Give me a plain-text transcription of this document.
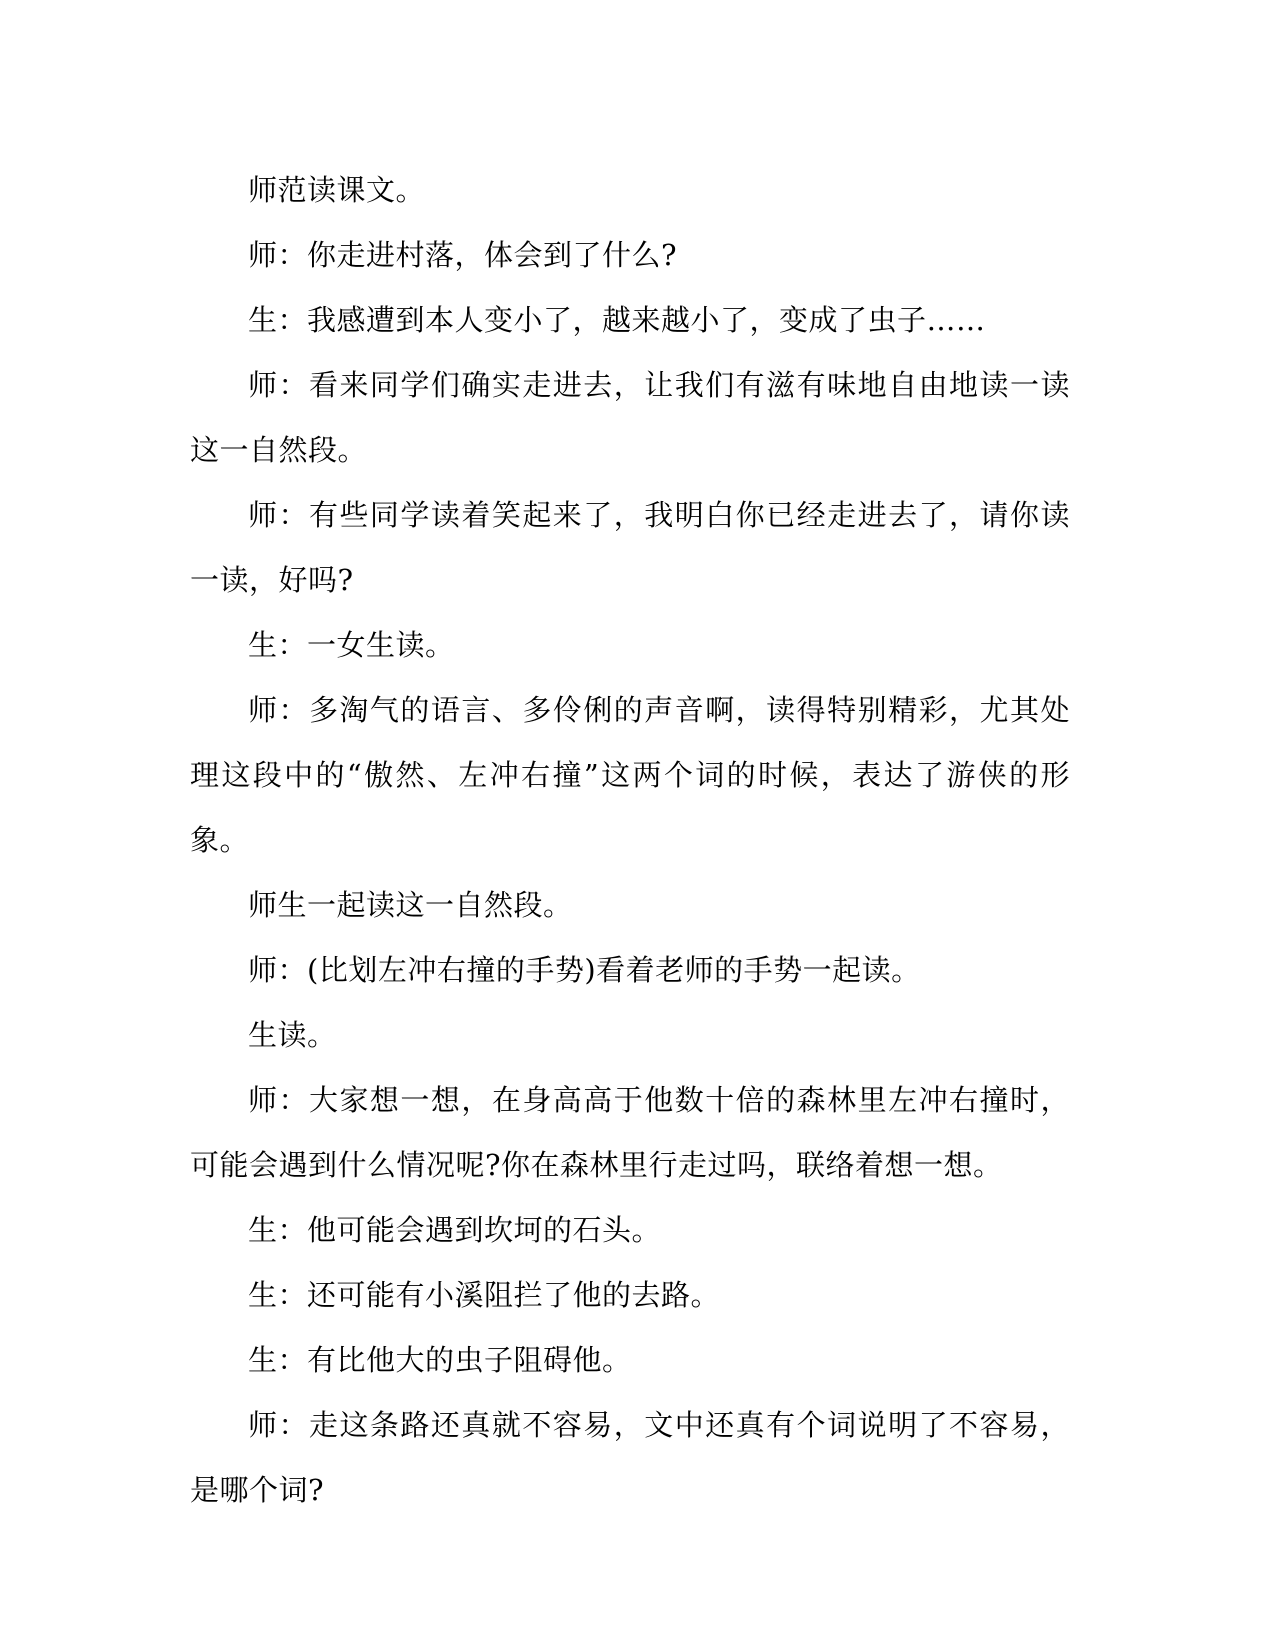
师范读课文。

师：你走进村落，体会到了什么?

生：我感遭到本人变小了，越来越小了，变成了虫子……

师：看来同学们确实走进去，让我们有滋有味地自由地读一读这一自然段。

师：有些同学读着笑起来了，我明白你已经走进去了，请你读一读，好吗?

生：一女生读。

师：多淘气的语言、多伶俐的声音啊，读得特别精彩，尤其处理这段中的“傲然、左冲右撞”这两个词的时候，表达了游侠的形象。

师生一起读这一自然段。

师：(比划左冲右撞的手势)看着老师的手势一起读。

生读。

师：大家想一想，在身高高于他数十倍的森林里左冲右撞时，可能会遇到什么情况呢?你在森林里行走过吗，联络着想一想。

生：他可能会遇到坎坷的石头。

生：还可能有小溪阻拦了他的去路。

生：有比他大的虫子阻碍他。

师：走这条路还真就不容易，文中还真有个词说明了不容易，是哪个词?
